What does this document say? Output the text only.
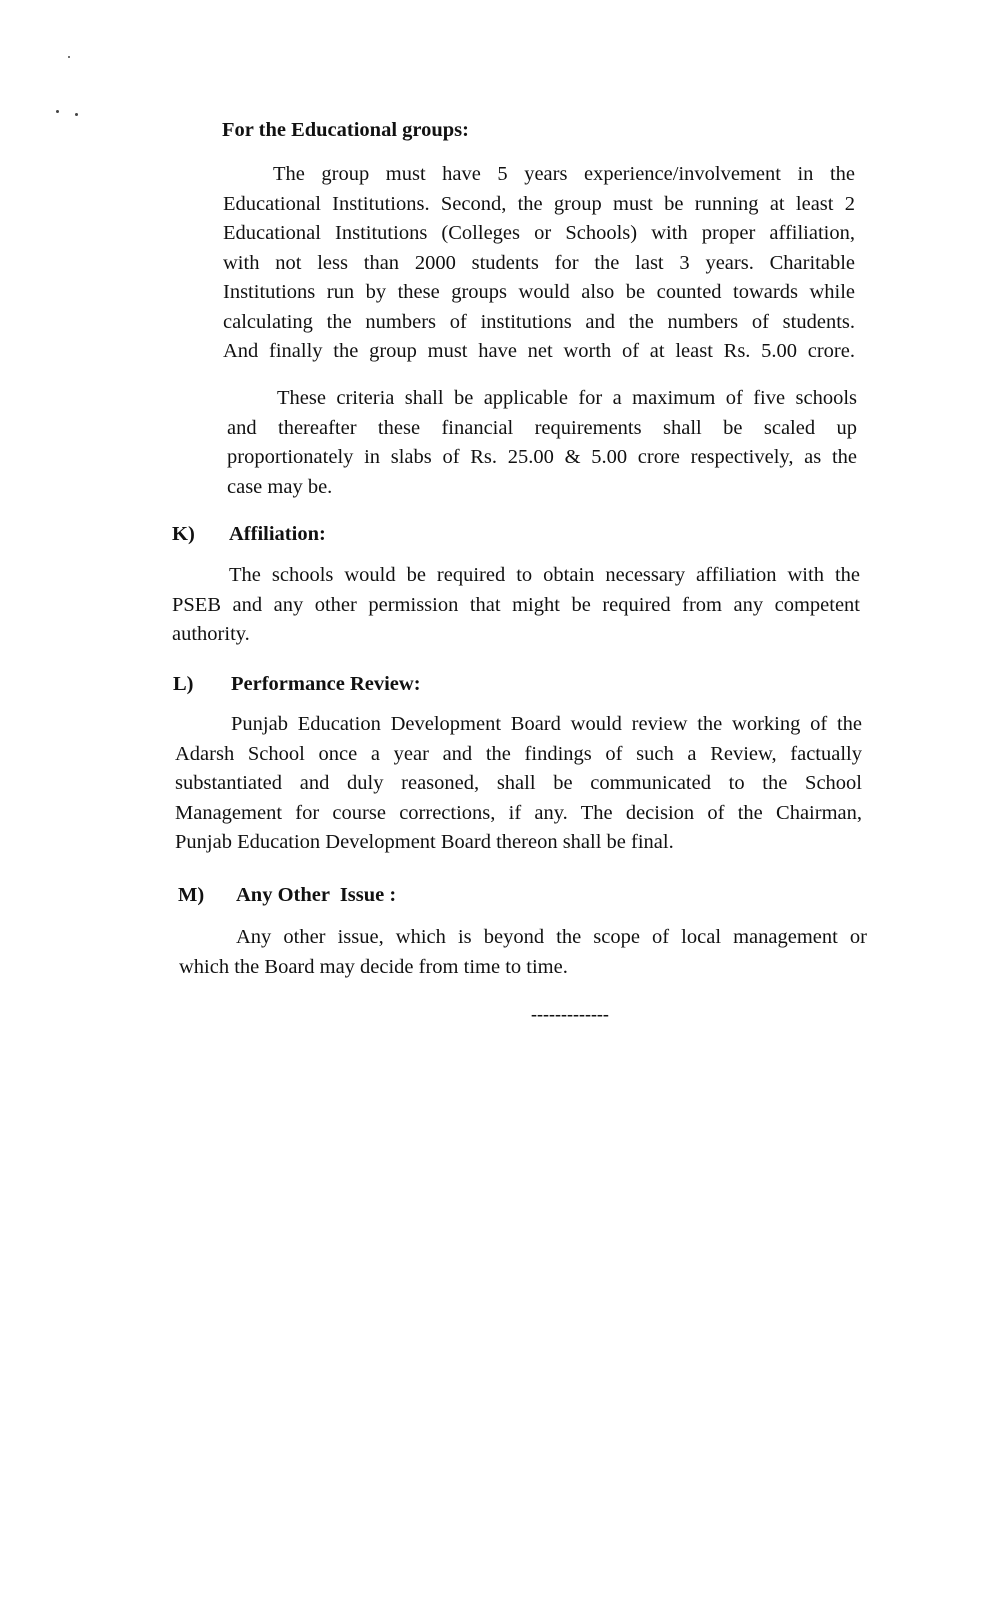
For the Educational groups:
The group must have 5 years experience/involvement in the
Educational Institutions. Second, the group must be running at least 2
Educational Institutions (Colleges or Schools) with proper affiliation,
with not less than 2000 students for the last 3 years. Charitable
Institutions run by these groups would also be counted towards while
calculating the numbers of institutions and the numbers of students.
And finally the group must have net worth of at least Rs. 5.00 crore.
These criteria shall be applicable for a maximum of five schools
and thereafter these financial requirements shall be scaled up
proportionately in slabs of Rs. 25.00 & 5.00 crore respectively, as the
case may be.
K) Affiliation:
The schools would be required to obtain necessary affiliation with the
PSEB and any other permission that might be required from any competent
authority.
L) Performance Review:
Punjab Education Development Board would review the working of the
Adarsh School once a year and the findings of such a Review, factually
substantiated and duly reasoned, shall be communicated to the School
Management for course corrections, if any. The decision of the Chairman,
Punjab Education Development Board thereon shall be final.
M) Any Other  Issue :
Any other issue, which is beyond the scope of local management or
which the Board may decide from time to time.
-------------
